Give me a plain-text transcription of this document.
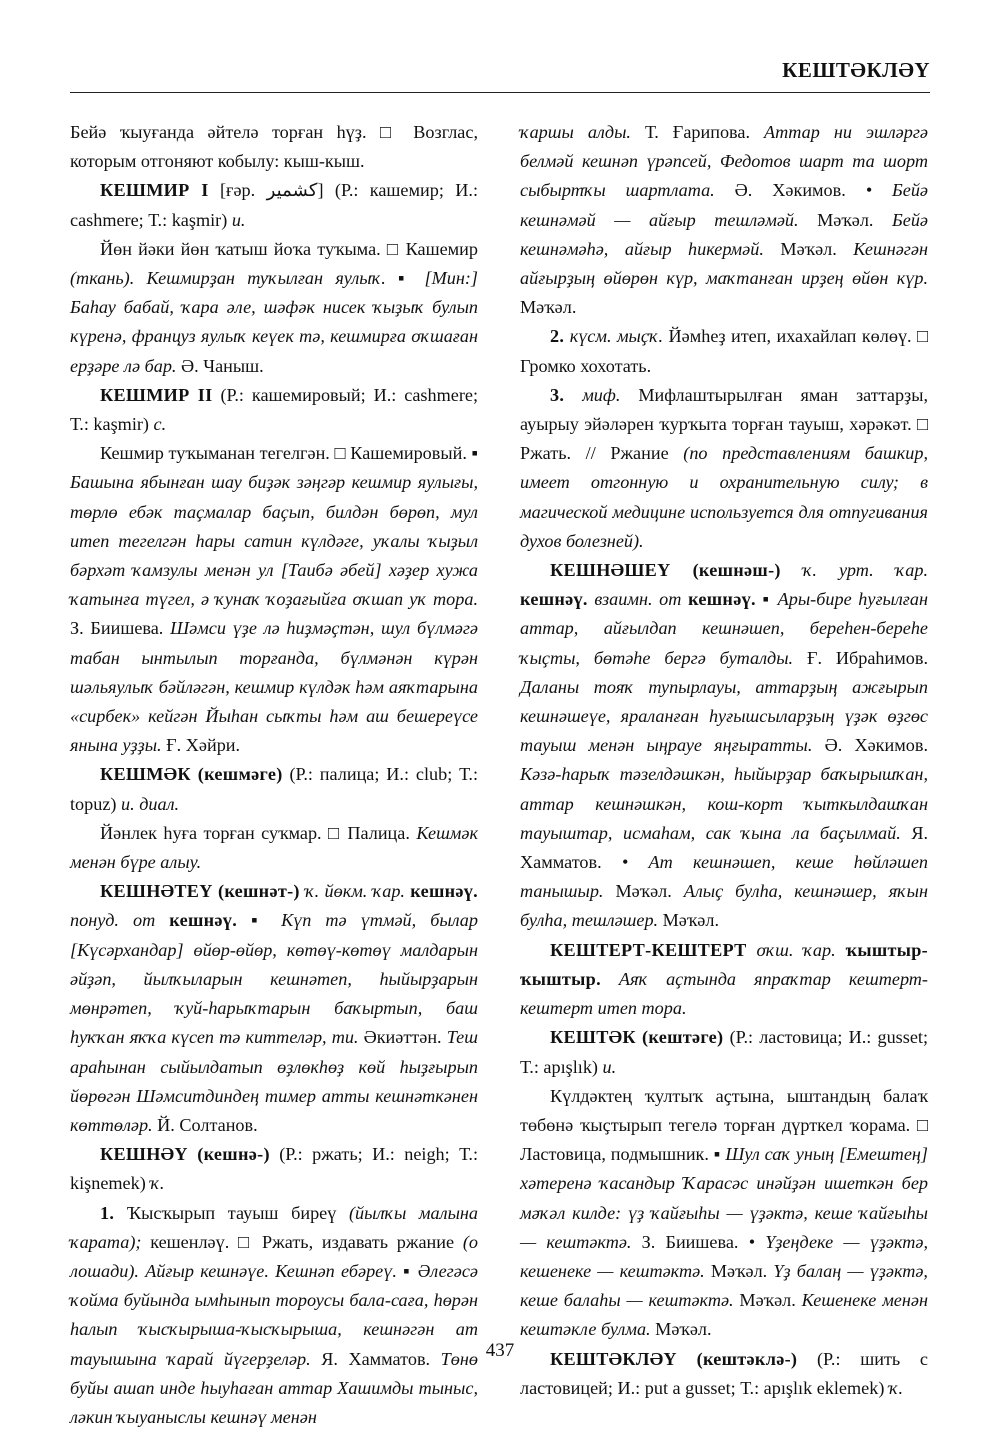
КЕШТӘКЛӘҮ

Бейә ҡыуғанда әйтелә торған һүҙ. □ Возглас, которым отгоняют кобылу: кыш-кыш.

КЕШМИР I [ғәр. کشمیر] (Р.: кашемир; И.: cashmere; Т.: kaşmir) и.

Йөн йәки йөн ҡатыш йоҡа туҡыма. □ Кашемир (ткань). Кешмирҙан туҡылған яулыҡ. ▪ [Мин:] Баһау бабай, ҡара әле, шәфәк нисек ҡыҙыҡ булып күренә, француз яулыҡ кеүек тә, кешмирға оҡшаған ерҙәре лә бар. Ә. Чаныш.

КЕШМИР II (Р.: кашемировый; И.: cashmere; Т.: kaşmir) с.

Кешмир туҡыманан тегелгән. □ Кашемировый. ▪ Башына ябынған шау биҙәк зәңгәр кешмир яулығы, төрлө ебәк таҫмалар баҫып, билдән бөрөп, мул итеп тегелгән һары сатин күлдәге, уҡалы ҡыҙыл бәрхәт ҡамзулы менән ул [Таибә әбей] хәҙер хужа ҡатынға түгел, ә ҡунаҡ ҡоҙағыйға оҡшап уҡ тора. З. Биишева. Шәмси үҙе лә һиҙмәҫтән, шул бүлмәгә табан ынтылып торғанда, бүлмәнән күрән шәльяулыҡ бәйләгән, кешмир күлдәк һәм аяҡтарына «сирбек» кейгән Йыһан сыҡты һәм аш бешереүсе янына уҙҙы. Ғ. Хәйри.

КЕШМӘК (кешмәге) (Р.: палица; И.: club; Т.: topuz) и. диал.

Йәнлек һуға торған суҡмар. □ Палица. Кешмәк менән бүре алыу.

КЕШНӘТЕҮ (кешнәт-) ҡ. йөкм. ҡар. кешнәү. понуд. от кешнәү. ▪ Күп тә үтмәй, былар [Күсәрхандар] өйөр-өйөр, көтөү-көтөү малдарын әйҙәп, йылҡыларын кешнәтеп, һыйырҙарын мөнрәтеп, ҡуй-һарыҡтарын баҡыртып, баш һуҡҡан яҡҡа күсеп тә киттеләр, ти. Әкиәттән. Теш араһынан сыйылдатып өҙлөкһөҙ көй һыҙғырып йөрөгән Шәмситдиндең тимер атты кешнәткәнен көттөләр. Й. Солтанов.

КЕШНӘҮ (кешнә-) (Р.: ржать; И.: neigh; Т.: kişnemek) ҡ.

1. Ҡысҡырып тауыш биреү (йылҡы малына ҡарата); кешенләү. □ Ржать, издавать ржание (о лошади). Айғыр кешнәүе. Кешнәп ебәреү. ▪ Әлегәсә ҡойма буйында ымһынып тороусы бала-саға, һөрән һалып ҡысҡырыша-ҡысҡырыша, кешнәгән ат тауышына ҡарай йүгерҙеләр. Я. Хамматов. Төнө буйы ашап инде һыуһаған аттар Хашимды тыныс, ләкин ҡыуаныслы кешнәү менән

ҡаршы алды. Т. Ғарипова. Аттар ни эшләргә белмәй кешнәп үрәпсей, Федотов шарт та шорт сыбыртҡы шартлата. Ә. Хәкимов. • Бейә кешнәмәй — айғыр тешләмәй. Мәҡәл. Бейә кешнәмәһә, айғыр һикермәй. Мәҡәл. Кешнәгән айғырҙың өйөрөн күр, маҡтанған ирҙең өйөн күр. Мәҡәл.

2. күсм. мыҫҡ. Йәмһеҙ итеп, ихахайлап көлөү. □ Громко хохотать.

3. миф. Мифлаштырылған яман заттарҙы, ауырыу эйәләрен ҡурҡыта торған тауыш, хәрәкәт. □ Ржать. // Ржание (по представлениям башкир, имеет отгонную и охранительную силу; в магической медицине используется для отпугивания духов болезней).

КЕШНӘШЕҮ (кешнәш-) ҡ. урт. ҡар. кешнәү. взаимн. от кешнәү. ▪ Ары-бире һуғылған аттар, айғылдап кешнәшеп, береһен-береһе ҡыҫты, бөтәһе бергә буталды. Ғ. Ибраһимов. Даланы тояҡ тупырлауы, аттарҙың ажғырып кешнәшеүе, яраланған һуғышсыларҙың үҙәк өҙгөс тауыш менән ыңрауе яңғыратты. Ә. Хәкимов. Кәзә-һарыҡ тәзелдәшкән, һыйырҙар баҡырышҡан, аттар кешнәшкән, кош-корт ҡыткылдашҡан тауыштар, исмаһам, сак ҡына ла баҫылмай. Я. Хамматов. • Ат кешнәшеп, кеше һөйләшеп танышыр. Мәҡәл. Алыҫ булһа, кешнәшер, яҡын булһа, тешләшер. Мәҡәл.

КЕШТЕРТ-КЕШТЕРТ оҡш. ҡар. ҡыштыр-ҡыштыр. Аяҡ аҫтында япраҡтар кештерт-кештерт итеп тора.

КЕШТӘК (кештәге) (Р.: ластовица; И.: gusset; Т.: apışlık) и.

Күлдәктең ҡултыҡ аҫтына, ыштандың балаҡ төбөнә ҡыҫтырып тегелә торған дүрткел ҡорама. □ Ластовица, подмышник. ▪ Шул саҡ уның [Емештең] хәтеренә ҡасандыр Ҡарасәс инәйҙән ишеткән бер мәҡәл килде: үҙ ҡайғыһы — үҙәктә, кеше ҡайғыһы — кештәктә. З. Биишева. • Үҙеңдеке — үҙәктә, кешенеке — кештәктә. Мәҡәл. Үҙ балаң — үҙәктә, кеше балаһы — кештәктә. Мәҡәл. Кешенеке менән кештәкле булма. Мәҡәл.

КЕШТӘКЛӘҮ (кештәклә-) (Р.: шить с ластовицей; И.: put a gusset; Т.: apışlık eklemek) ҡ.

437
